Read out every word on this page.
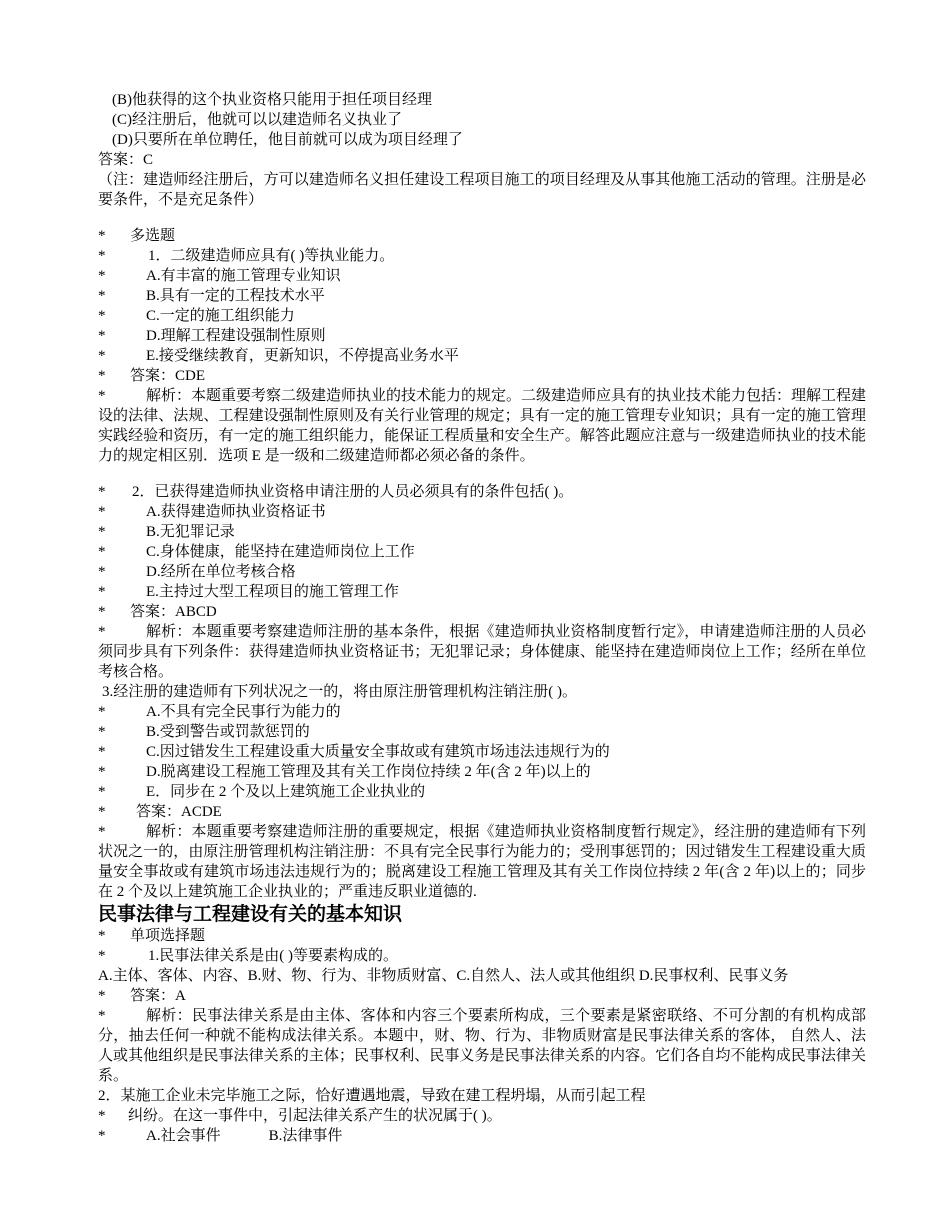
(B)他获得的这个执业资格只能用于担任项目经理
(C)经注册后，他就可以以建造师名义执业了
(D)只要所在单位聘任，他目前就可以成为项目经理了
答案：C
（注：建造师经注册后，方可以建造师名义担任建设工程项目施工的项目经理及从事其他施工活动的管理。注册是必要条件，不是充足条件）
* 多选题
*	1．二级建造师应具有( )等执业能力。
*	A.有丰富的施工管理专业知识
*	B.具有一定的工程技术水平
*	C.一定的施工组织能力
*	D.理解工程建设强制性原则
*	E.接受继续教育，更新知识，不停提高业务水平
* 答案：CDE
*	解析：本题重要考察二级建造师执业的技术能力的规定。二级建造师应具有的执业技术能力包括：理解工程建设的法律、法规、工程建设强制性原则及有关行业管理的规定；具有一定的施工管理专业知识；具有一定的施工管理实践经验和资历，有一定的施工组织能力，能保证工程质量和安全生产。解答此题应注意与一级建造师执业的技术能力的规定相区别．选项 E 是一级和二级建造师都必须必备的条件。
* 2．已获得建造师执业资格申请注册的人员必须具有的条件包括( )。
*	A.获得建造师执业资格证书
*	B.无犯罪记录
*	C.身体健康，能坚持在建造师岗位上工作
*	D.经所在单位考核合格
*	E.主持过大型工程项目的施工管理工作
* 答案：ABCD
*	解析：本题重要考察建造师注册的基本条件，根据《建造师执业资格制度暂行定》，申请建造师注册的人员必须同步具有下列条件：获得建造师执业资格证书；无犯罪记录；身体健康、能坚持在建造师岗位上工作；经所在单位考核合格。
3.经注册的建造师有下列状况之一的，将由原注册管理机构注销注册( )。
*	A.不具有完全民事行为能力的
*	B.受到警告或罚款惩罚的
*	C.因过错发生工程建设重大质量安全事故或有建筑市场违法违规行为的
*	D.脱离建设工程施工管理及其有关工作岗位持续 2 年(含 2 年)以上的
*	E．同步在 2 个及以上建筑施工企业执业的
* 答案：ACDE
*	解析：本题重要考察建造师注册的重要规定，根据《建造师执业资格制度暂行规定》，经注册的建造师有下列状况之一的，由原注册管理机构注销注册：不具有完全民事行为能力的；受刑事惩罚的；因过错发生工程建设重大质量安全事故或有建筑市场违法违规行为的；脱离建设工程施工管理及其有关工作岗位持续 2 年(含 2 年)以上的；同步在 2 个及以上建筑施工企业执业的；严重违反职业道德的.
民事法律与工程建设有关的基本知识
* 单项选择题
*	1.民事法律关系是由( )等要素构成的。
A.主体、客体、内容、B.财、物、行为、非物质财富、C.自然人、法人或其他组织 D.民事权利、民事义务
* 答案：A
*	解析：民事法律关系是由主体、客体和内容三个要素所构成，三个要素是紧密联络、不可分割的有机构成部分，抽去任何一种就不能构成法律关系。本题中，财、物、行为、非物质财富是民事法律关系的客体， 自然人、法人或其他组织是民事法律关系的主体；民事权利、民事义务是民事法律关系的内容。它们各自均不能构成民事法律关系。
2．某施工企业未完毕施工之际，恰好遭遇地震，导致在建工程坍塌，从而引起工程
* 纠纷。在这一事件中，引起法律关系产生的状况属于( )。
*	A.社会事件	B.法律事件
